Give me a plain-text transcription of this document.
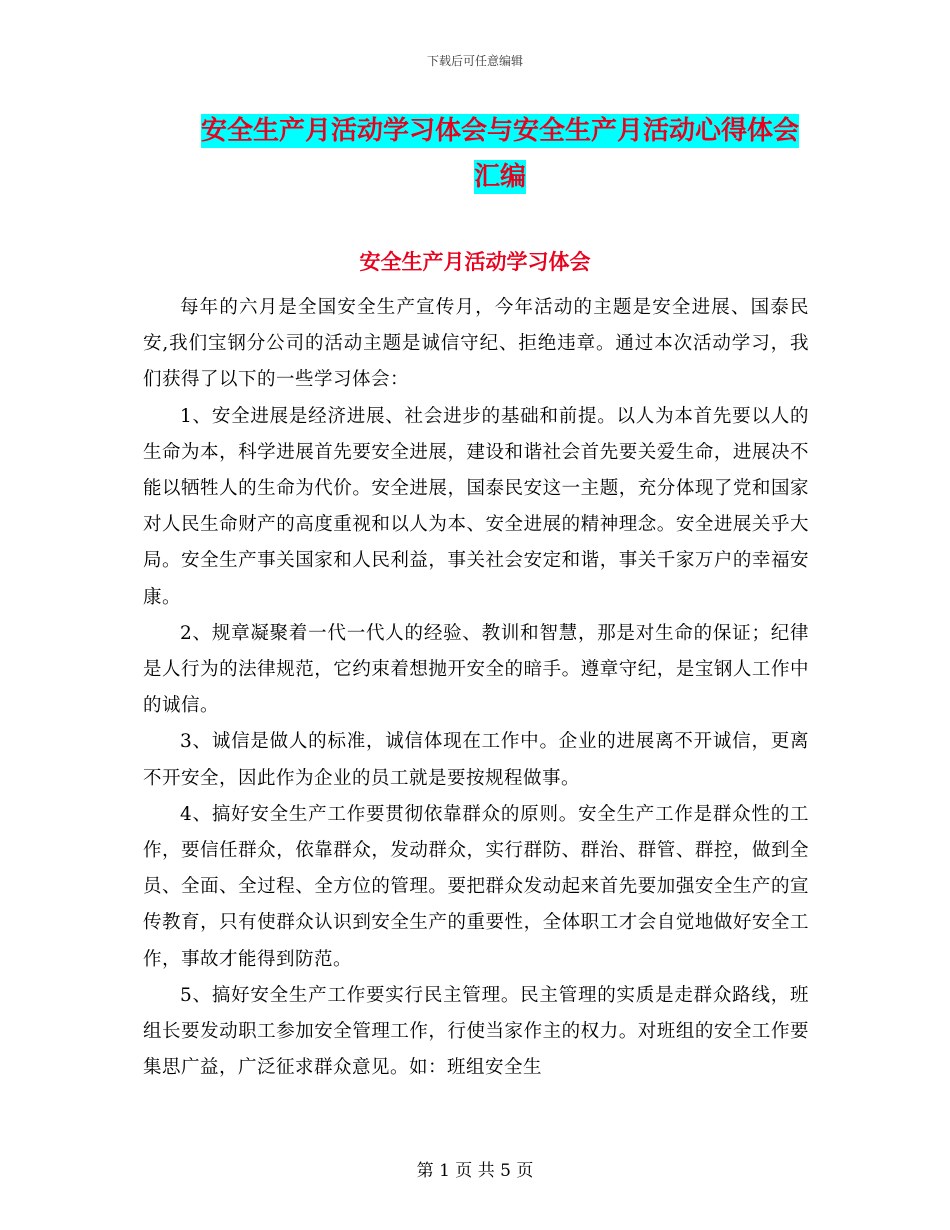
下载后可任意编辑
安全生产月活动学习体会与安全生产月活动心得体会
汇编
安全生产月活动学习体会

每年的六月是全国安全生产宣传月，今年活动的主题是安全进展、国泰民安,我们宝钢分公司的活动主题是诚信守纪、拒绝违章。通过本次活动学习，我们获得了以下的一些学习体会：

1、安全进展是经济进展、社会进步的基础和前提。以人为本首先要以人的生命为本，科学进展首先要安全进展，建设和谐社会首先要关爱生命，进展决不能以牺牲人的生命为代价。安全进展，国泰民安这一主题，充分体现了党和国家对人民生命财产的高度重视和以人为本、安全进展的精神理念。安全进展关乎大局。安全生产事关国家和人民利益，事关社会安定和谐，事关千家万户的幸福安康。

2、规章凝聚着一代一代人的经验、教训和智慧，那是对生命的保证；纪律是人行为的法律规范，它约束着想抛开安全的暗手。遵章守纪，是宝钢人工作中的诚信。

3、诚信是做人的标准，诚信体现在工作中。企业的进展离不开诚信，更离不开安全，因此作为企业的员工就是要按规程做事。

4、搞好安全生产工作要贯彻依靠群众的原则。安全生产工作是群众性的工作，要信任群众，依靠群众，发动群众，实行群防、群治、群管、群控，做到全员、全面、全过程、全方位的管理。要把群众发动起来首先要加强安全生产的宣传教育，只有使群众认识到安全生产的重要性，全体职工才会自觉地做好安全工作，事故才能得到防范。

5、搞好安全生产工作要实行民主管理。民主管理的实质是走群众路线，班组长要发动职工参加安全管理工作，行使当家作主的权力。对班组的安全工作要集思广益，广泛征求群众意见。如：班组安全生

第 1 页 共 5 页
